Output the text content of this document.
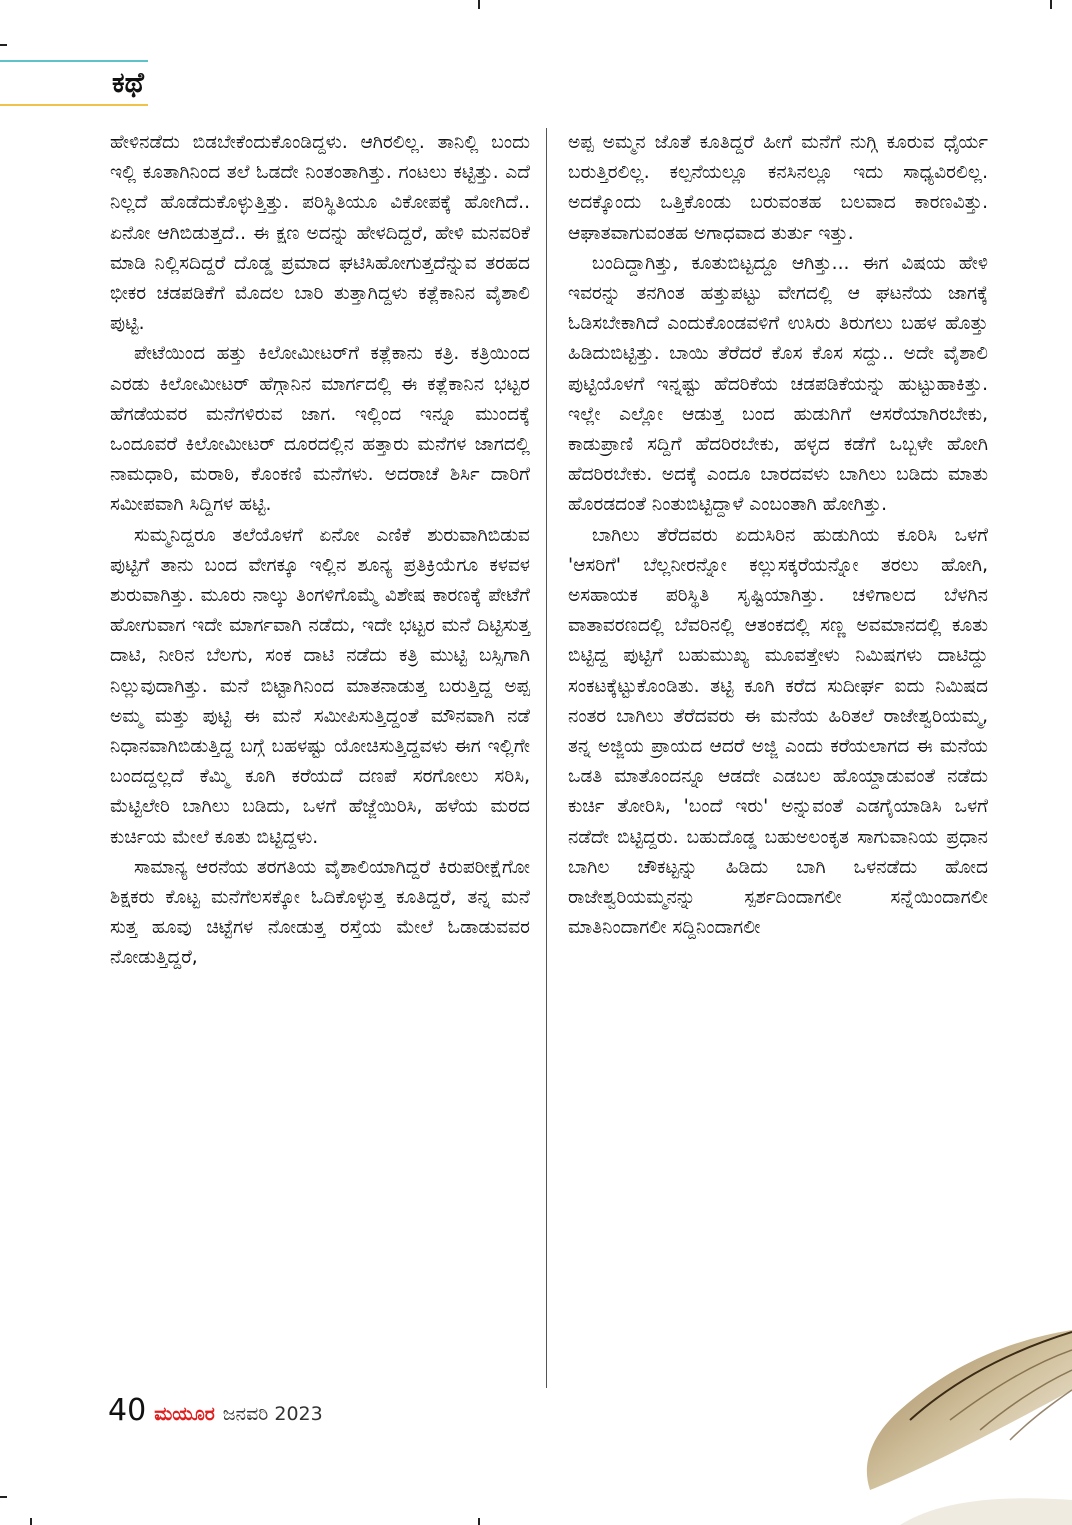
ಕಥೆ

ಹೇಳಿನಡೆದು ಬಿಡಬೇಕೆಂದುಕೊಂಡಿದ್ದಳು. ಆಗಿರಲಿಲ್ಲ. ತಾನಿಲ್ಲಿ ಬಂದು ಇಲ್ಲಿ ಕೂತಾಗಿನಿಂದ ತಲೆ ಓಡದೇ ನಿಂತಂತಾಗಿತ್ತು. ಗಂಟಲು ಕಟ್ಟಿತ್ತು. ಎದೆ ನಿಲ್ಲದೆ ಹೊಡೆದುಕೊಳ್ಳುತ್ತಿತ್ತು. ಪರಿಸ್ಥಿತಿಯೂ ವಿಕೋಪಕ್ಕೆ ಹೋಗಿದೆ.. ಏನೋ ಆಗಿಬಿಡುತ್ತದೆ.. ಈ ಕ್ಷಣ ಅದನ್ನು ಹೇಳದಿದ್ದರೆ, ಹೇಳಿ ಮನವರಿಕೆ ಮಾಡಿ ನಿಲ್ಲಿಸದಿದ್ದರೆ ದೊಡ್ಡ ಪ್ರಮಾದ ಘಟಿಸಿಹೋಗುತ್ತದೆನ್ನುವ ತರಹದ ಭೀಕರ ಚಡಪಡಿಕೆಗೆ ಮೊದಲ ಬಾರಿ ತುತ್ತಾಗಿದ್ದಳು ಕತ್ಲೆಕಾನಿನ ವೈಶಾಲಿ ಪುಟ್ಟಿ.

ಪೇಟೆಯಿಂದ ಹತ್ತು ಕಿಲೋಮೀಟರ್‌ಗೆ ಕತ್ಲೆಕಾನು ಕತ್ರಿ. ಕತ್ರಿಯಿಂದ ಎರಡು ಕಿಲೋಮೀಟರ್ ಹೆಗ್ಗಾನಿನ ಮಾರ್ಗದಲ್ಲಿ ಈ ಕತ್ಲೆಕಾನಿನ ಭಟ್ಟರ ಹೆಗಡೆಯವರ ಮನೆಗಳಿರುವ ಜಾಗ. ಇಲ್ಲಿಂದ ಇನ್ನೂ ಮುಂದಕ್ಕೆ ಒಂದೂವರೆ ಕಿಲೋಮೀಟರ್ ದೂರದಲ್ಲಿನ ಹತ್ತಾರು ಮನೆಗಳ ಜಾಗದಲ್ಲಿ ನಾಮಧಾರಿ, ಮರಾಠಿ, ಕೊಂಕಣಿ ಮನೆಗಳು. ಅದರಾಚೆ ಶಿರ್ಸಿ ದಾರಿಗೆ ಸಮೀಪವಾಗಿ ಸಿದ್ದಿಗಳ ಹಟ್ಟಿ.

ಸುಮ್ಮನಿದ್ದರೂ ತಲೆಯೊಳಗೆ ಏನೋ ಎಣಿಕೆ ಶುರುವಾಗಿಬಿಡುವ ಪುಟ್ಟಿಗೆ ತಾನು ಬಂದ ವೇಗಕ್ಕೂ ಇಲ್ಲಿನ ಶೂನ್ಯ ಪ್ರತಿಕ್ರಿಯೆಗೂ ಕಳವಳ ಶುರುವಾಗಿತ್ತು. ಮೂರು ನಾಲ್ಕು ತಿಂಗಳಿಗೊಮ್ಮೆ ವಿಶೇಷ ಕಾರಣಕ್ಕೆ ಪೇಟೆಗೆ ಹೋಗುವಾಗ ಇದೇ ಮಾರ್ಗವಾಗಿ ನಡೆದು, ಇದೇ ಭಟ್ಟರ ಮನೆ ದಿಟ್ಟಿಸುತ್ತ ದಾಟಿ, ನೀರಿನ ಬೆಲಗು, ಸಂಕ ದಾಟಿ ನಡೆದು ಕತ್ರಿ ಮುಟ್ಟಿ ಬಸ್ಸಿಗಾಗಿ ನಿಲ್ಲುವುದಾಗಿತ್ತು. ಮನೆ ಬಿಟ್ಟಾಗಿನಿಂದ ಮಾತನಾಡುತ್ತ ಬರುತ್ತಿದ್ದ ಅಪ್ಪ ಅಮ್ಮ ಮತ್ತು ಪುಟ್ಟಿ ಈ ಮನೆ ಸಮೀಪಿಸುತ್ತಿದ್ದಂತೆ ಮೌನವಾಗಿ ನಡೆ ನಿಧಾನವಾಗಿಬಿಡುತ್ತಿದ್ದ ಬಗ್ಗೆ ಬಹಳಷ್ಟು ಯೋಚಿಸುತ್ತಿದ್ದವಳು ಈಗ ಇಲ್ಲಿಗೇ ಬಂದದ್ದಲ್ಲದೆ ಕೆಮ್ಮಿ ಕೂಗಿ ಕರೆಯದೆ ದಣಪೆ ಸರಗೋಲು ಸರಿಸಿ, ಮೆಟ್ಟಿಲೇರಿ ಬಾಗಿಲು ಬಡಿದು, ಒಳಗೆ ಹೆಜ್ಜೆಯಿರಿಸಿ, ಹಳೆಯ ಮರದ ಕುರ್ಚಿಯ ಮೇಲೆ ಕೂತು ಬಿಟ್ಟಿದ್ದಳು.

ಸಾಮಾನ್ಯ ಆರನೆಯ ತರಗತಿಯ ವೈಶಾಲಿಯಾಗಿದ್ದರೆ ಕಿರುಪರೀಕ್ಷೆಗೋ ಶಿಕ್ಷಕರು ಕೊಟ್ಟ ಮನೆಗೆಲಸಕ್ಕೋ ಓದಿಕೊಳ್ಳುತ್ತ ಕೂತಿದ್ದರೆ, ತನ್ನ ಮನೆ ಸುತ್ತ ಹೂವು ಚಿಟ್ಟೆಗಳ ನೋಡುತ್ತ ರಸ್ತೆಯ ಮೇಲೆ ಓಡಾಡುವವರ ನೋಡುತ್ತಿದ್ದರೆ,

ಅಪ್ಪ ಅಮ್ಮನ ಜೊತೆ ಕೂತಿದ್ದರೆ ಹೀಗೆ ಮನೆಗೆ ನುಗ್ಗಿ ಕೂರುವ ಧೈರ್ಯ ಬರುತ್ತಿರಲಿಲ್ಲ. ಕಲ್ಪನೆಯಲ್ಲೂ ಕನಸಿನಲ್ಲೂ ಇದು ಸಾಧ್ಯವಿರಲಿಲ್ಲ. ಅದಕ್ಕೊಂದು ಒತ್ತಿಕೊಂಡು ಬರುವಂತಹ ಬಲವಾದ ಕಾರಣವಿತ್ತು. ಆಘಾತವಾಗುವಂತಹ ಅಗಾಧವಾದ ತುರ್ತು ಇತ್ತು.

ಬಂದಿದ್ದಾಗಿತ್ತು, ಕೂತುಬಿಟ್ಟದ್ದೂ ಆಗಿತ್ತು... ಈಗ ವಿಷಯ ಹೇಳಿ ಇವರನ್ನು ತನಗಿಂತ ಹತ್ತುಪಟ್ಟು ವೇಗದಲ್ಲಿ ಆ ಘಟನೆಯ ಜಾಗಕ್ಕೆ ಓಡಿಸಬೇಕಾಗಿದೆ ಎಂದುಕೊಂಡವಳಿಗೆ ಉಸಿರು ತಿರುಗಲು ಬಹಳ ಹೊತ್ತು ಹಿಡಿದುಬಿಟ್ಟಿತ್ತು. ಬಾಯಿ ತೆರೆದರೆ ಕೊಸ ಕೊಸ ಸದ್ದು.. ಅದೇ ವೈಶಾಲಿ ಪುಟ್ಟಿಯೊಳಗೆ ಇನ್ನಷ್ಟು ಹೆದರಿಕೆಯ ಚಡಪಡಿಕೆಯನ್ನು ಹುಟ್ಟುಹಾಕಿತ್ತು. ಇಲ್ಲೇ ಎಲ್ಲೋ ಆಡುತ್ತ ಬಂದ ಹುಡುಗಿಗೆ ಆಸರೆಯಾಗಿರಬೇಕು, ಕಾಡುಪ್ರಾಣಿ ಸದ್ದಿಗೆ ಹೆದರಿರಬೇಕು, ಹಳ್ಳದ ಕಡೆಗೆ ಒಬ್ಬಳೇ ಹೋಗಿ ಹೆದರಿರಬೇಕು. ಅದಕ್ಕೆ ಎಂದೂ ಬಾರದವಳು ಬಾಗಿಲು ಬಡಿದು ಮಾತು ಹೊರಡದಂತೆ ನಿಂತುಬಿಟ್ಟಿದ್ದಾಳೆ ಎಂಬಂತಾಗಿ ಹೋಗಿತ್ತು.

ಬಾಗಿಲು ತೆರೆದವರು ಏದುಸಿರಿನ ಹುಡುಗಿಯ ಕೂರಿಸಿ ಒಳಗೆ 'ಆಸರಿಗೆ' ಬೆಲ್ಲನೀರನ್ನೋ ಕಲ್ಲುಸಕ್ಕರೆಯನ್ನೋ ತರಲು ಹೋಗಿ, ಅಸಹಾಯಕ ಪರಿಸ್ಥಿತಿ ಸೃಷ್ಟಿಯಾಗಿತ್ತು. ಚಳಿಗಾಲದ ಬೆಳಗಿನ ವಾತಾವರಣದಲ್ಲಿ ಬೆವರಿನಲ್ಲಿ ಆತಂಕದಲ್ಲಿ ಸಣ್ಣ ಅವಮಾನದಲ್ಲಿ ಕೂತು ಬಿಟ್ಟಿದ್ದ ಪುಟ್ಟಿಗೆ ಬಹುಮುಖ್ಯ ಮೂವತ್ತೇಳು ನಿಮಿಷಗಳು ದಾಟಿದ್ದು ಸಂಕಟಕ್ಕೆಟ್ಟುಕೊಂಡಿತು. ತಟ್ಟಿ ಕೂಗಿ ಕರೆದ ಸುದೀರ್ಘ ಐದು ನಿಮಿಷದ ನಂತರ ಬಾಗಿಲು ತೆರೆದವರು ಈ ಮನೆಯ ಹಿರಿತಲೆ ರಾಜೇಶ್ವರಿಯಮ್ಮ, ತನ್ನ ಅಜ್ಜಿಯ ಪ್ರಾಯದ ಆದರೆ ಅಜ್ಜಿ ಎಂದು ಕರೆಯಲಾಗದ ಈ ಮನೆಯ ಒಡತಿ ಮಾತೊಂದನ್ನೂ ಆಡದೇ ಎಡಬಲ ಹೊಯ್ದಾಡುವಂತೆ ನಡೆದು ಕುರ್ಚಿ ತೋರಿಸಿ, 'ಬಂದೆ ಇರು' ಅನ್ನುವಂತೆ ಎಡಗೈಯಾಡಿಸಿ ಒಳಗೆ ನಡೆದೇ ಬಿಟ್ಟಿದ್ದರು. ಬಹುದೊಡ್ಡ ಬಹುಅಲಂಕೃತ ಸಾಗುವಾನಿಯ ಪ್ರಧಾನ ಬಾಗಿಲ ಚೌಕಟ್ಟನ್ನು ಹಿಡಿದು ಬಾಗಿ ಒಳನಡೆದು ಹೋದ ರಾಜೇಶ್ವರಿಯಮ್ಮನನ್ನು ಸ್ಪರ್ಶದಿಂದಾಗಲೀ ಸನ್ನೆಯಿಂದಾಗಲೀ ಮಾತಿನಿಂದಾಗಲೀ ಸದ್ದಿನಿಂದಾಗಲೀ

40 ಮಯೂರ ಜನವರಿ 2023
